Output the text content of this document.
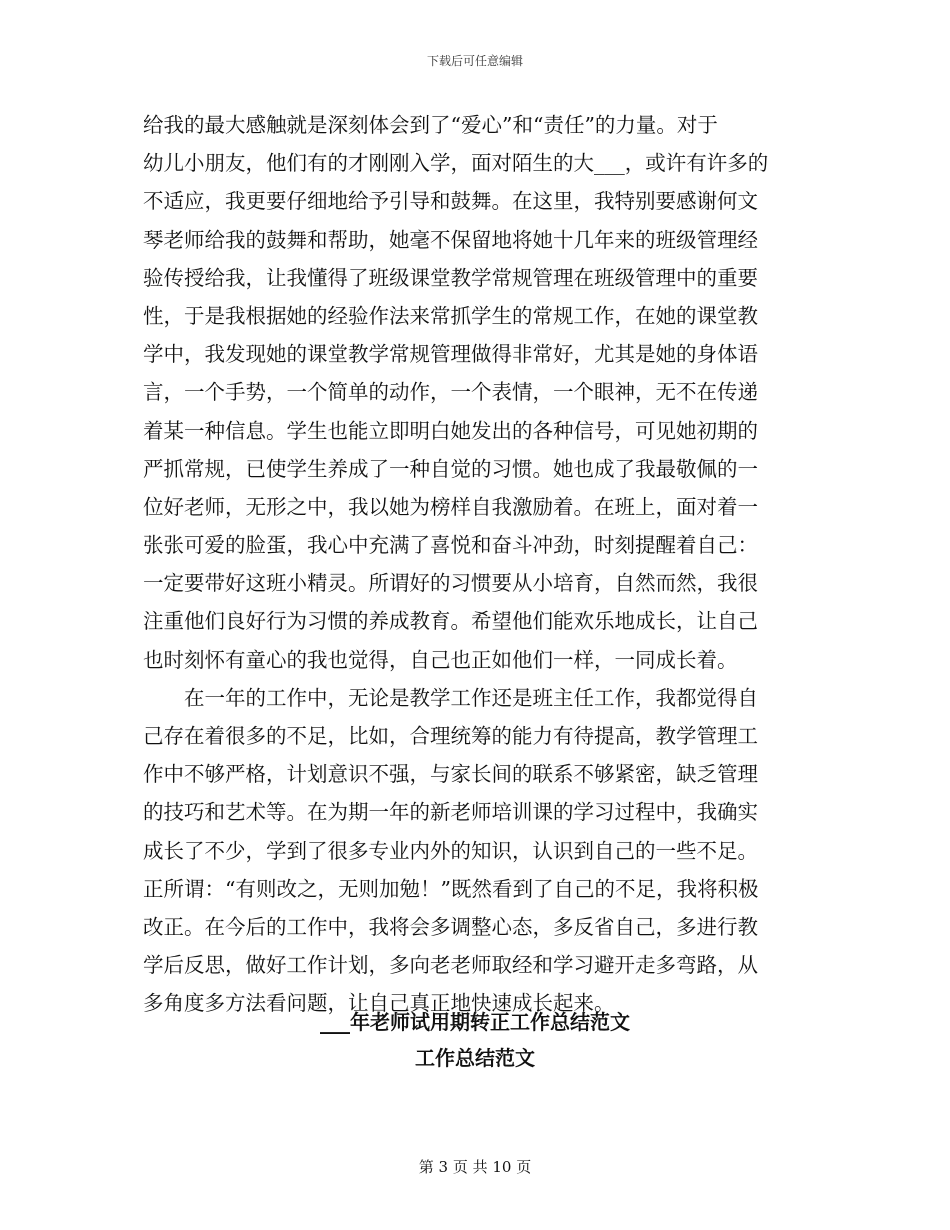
下载后可任意编辑
给我的最大感触就是深刻体会到了“爱心”和“责任”的力量。对于
幼儿小朋友，他们有的才刚刚入学，面对陌生的大___，或许有许多的
不适应，我更要仔细地给予引导和鼓舞。在这里，我特别要感谢何文
琴老师给我的鼓舞和帮助，她毫不保留地将她十几年来的班级管理经
验传授给我，让我懂得了班级课堂教学常规管理在班级管理中的重要
性，于是我根据她的经验作法来常抓学生的常规工作，在她的课堂教
学中，我发现她的课堂教学常规管理做得非常好，尤其是她的身体语
言，一个手势，一个简单的动作，一个表情，一个眼神，无不在传递
着某一种信息。学生也能立即明白她发出的各种信号，可见她初期的
严抓常规，已使学生养成了一种自觉的习惯。她也成了我最敬佩的一
位好老师，无形之中，我以她为榜样自我激励着。在班上，面对着一
张张可爱的脸蛋，我心中充满了喜悦和奋斗冲劲，时刻提醒着自己：
一定要带好这班小精灵。所谓好的习惯要从小培育，自然而然，我很
注重他们良好行为习惯的养成教育。希望他们能欢乐地成长，让自己
也时刻怀有童心的我也觉得，自己也正如他们一样，一同成长着。
　　在一年的工作中，无论是教学工作还是班主任工作，我都觉得自
己存在着很多的不足，比如，合理统筹的能力有待提高，教学管理工
作中不够严格，计划意识不强，与家长间的联系不够紧密，缺乏管理
的技巧和艺术等。在为期一年的新老师培训课的学习过程中，我确实
成长了不少，学到了很多专业内外的知识，认识到自己的一些不足。
正所谓：“有则改之，无则加勉！”既然看到了自己的不足，我将积极
改正。在今后的工作中，我将会多调整心态，多反省自己，多进行教
学后反思，做好工作计划，多向老老师取经和学习避开走多弯路，从
多角度多方法看问题，让自己真正地快速成长起来。
___年老师试用期转正工作总结范文
工作总结范文
第 3 页 共 10 页
